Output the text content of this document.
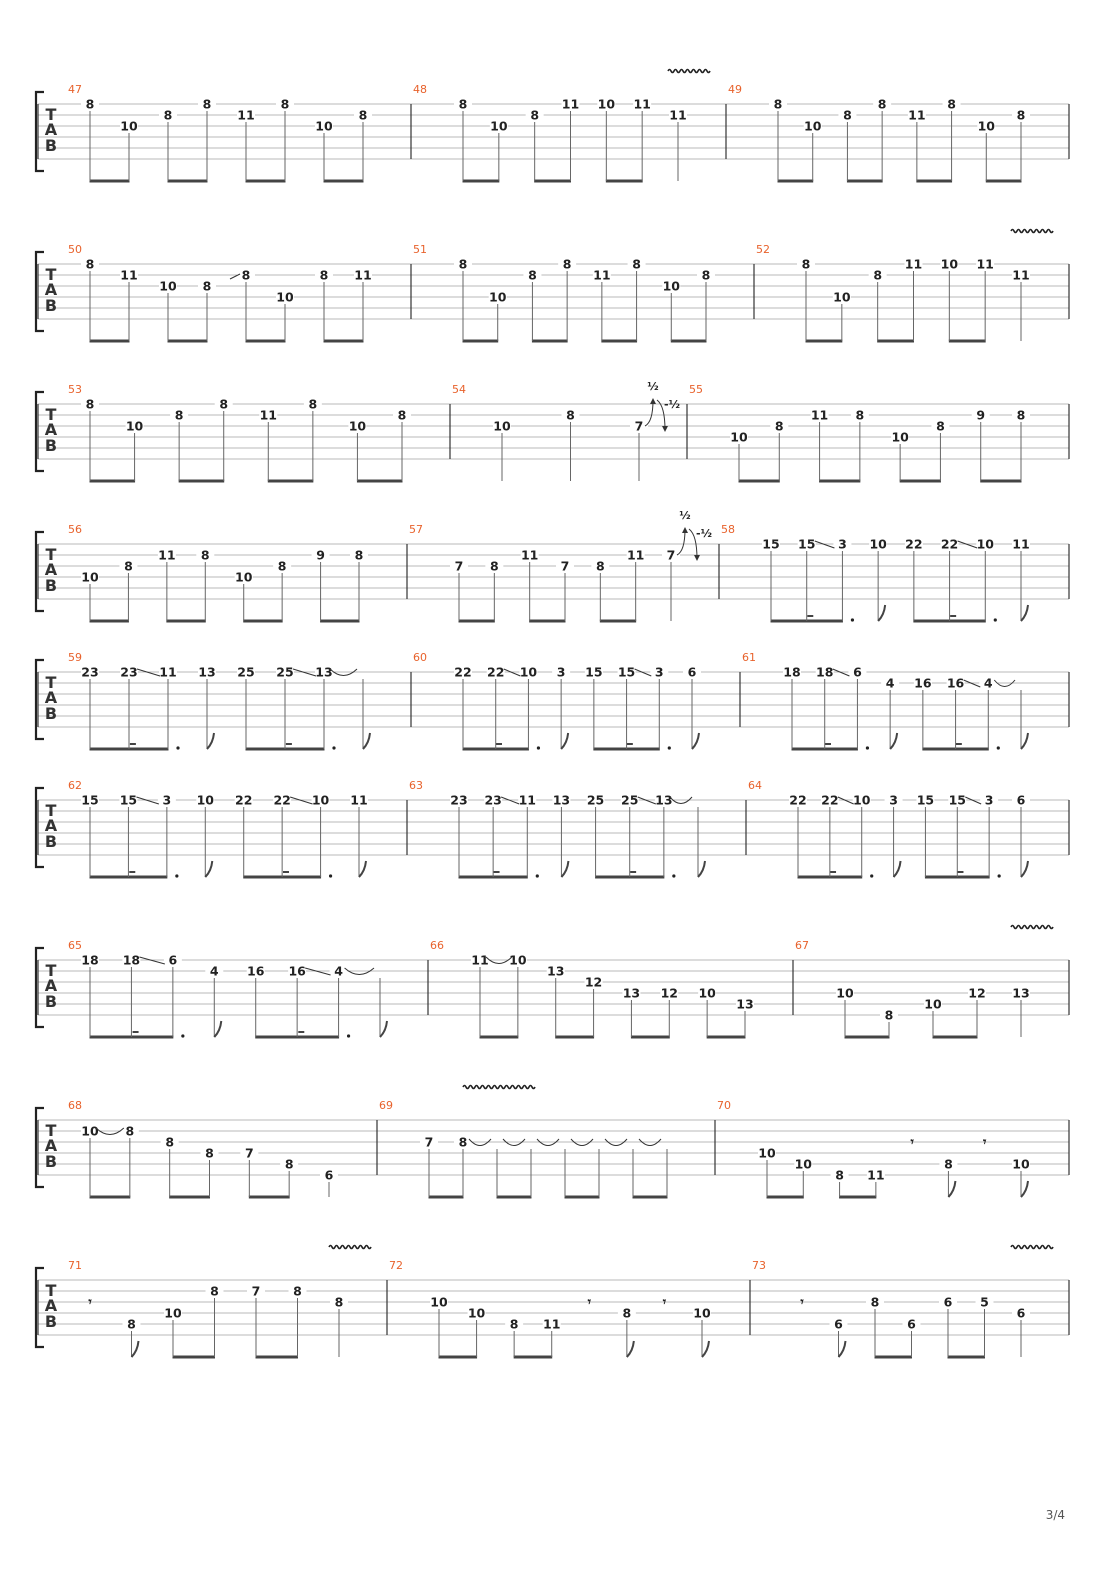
T
A
B
47
8
10
8
8
11
8
10
8
48
8
10
8
11 10 11
11
49
8
10
8
8
11
8
10
8
T
A
B
50
8
11
10 8
8
10
8 11
51
8
10
8
8
11
8
10
8
52
8
10
8
11 10 11
11
T
A
B
53
8
10
8
8
11
8
10
8
54
10
8
7
½
-½
55
10
8
11 8
10
8
9	8
T
A
B
56
10
8
11 8
10
8
9 8
57
7 8
11
7 8
11 7
½
-½ 58
15 15 3 10 22 22 10 11
T
A
B
59
23 23 11 13 25 25 13
60
22 22 10 3 15 15 3 6
61
18 18 6
4 16 16 4
T
A
B
62
15 15 3 10 22 22 10 11
63
23 23 11 13 25 25 13
64
22 22 10 3 15 15 3 6
T
A
B
65
18 18 6
4 16 16 4
66
11 10
13
12
13 12 10
13
67
10
8
10
12 13
T
A
B
68
10 8
8
8 7
8
6
69
7 8
70
10
10
8 11
𝄾
8
𝄾
10
T
A
B
71
𝄾
8
10
8	7	8
8
72
10
10
8 11
𝄾
8
𝄾
10
73
𝄾
6
8
6
6 5
6
3/4
